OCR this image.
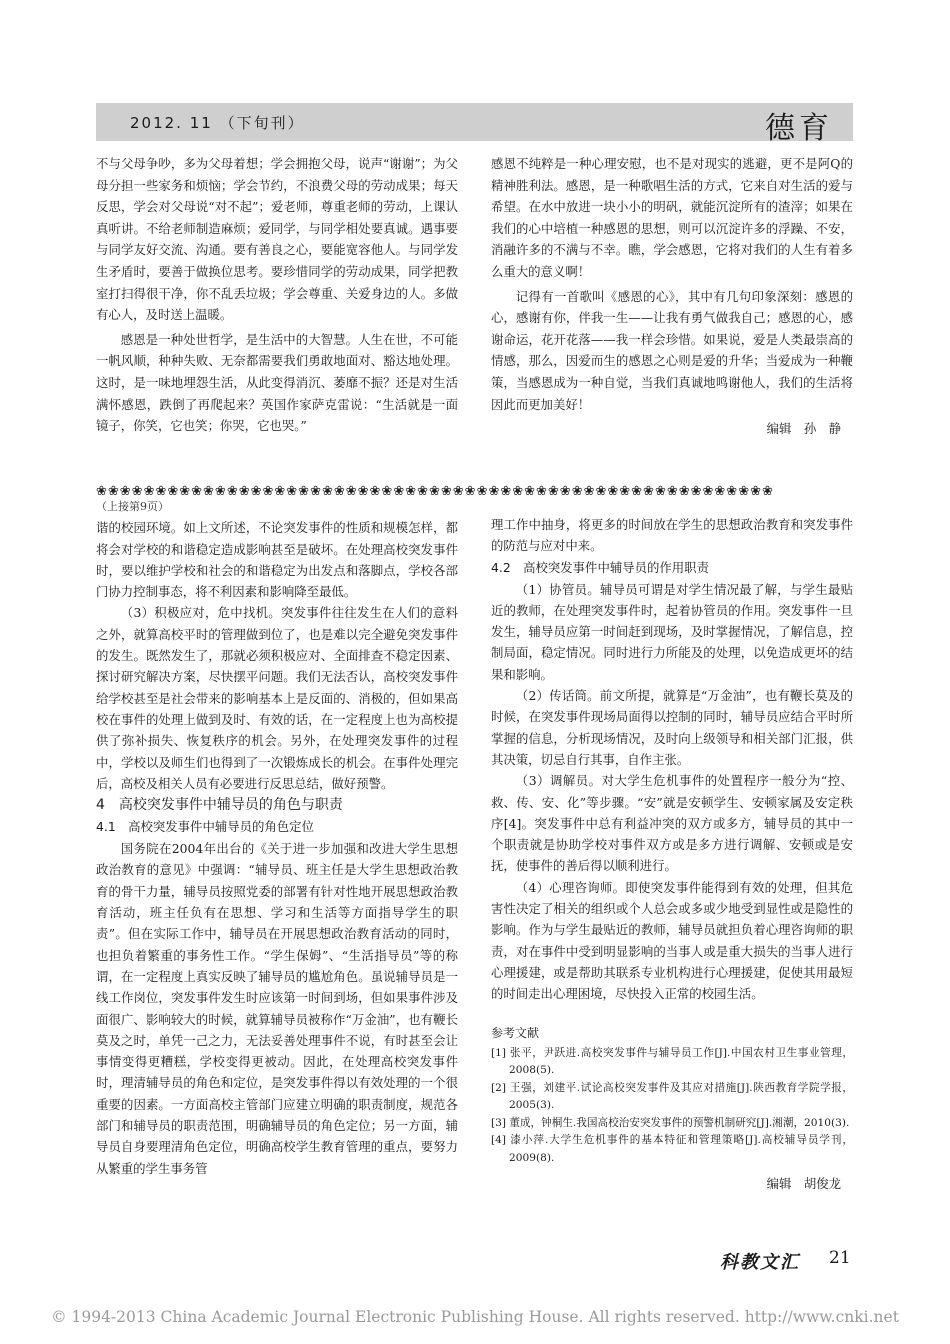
2012. 11 （下旬刊）	德育

不与父母争吵，多为父母着想；学会拥抱父母，说声“谢谢”；为父母分担一些家务和烦恼；学会节约，不浪费父母的劳动成果；每天反思，学会对父母说“对不起”；爱老师，尊重老师的劳动，上课认真听讲。不给老师制造麻烦；爱同学，与同学相处要真诚。遇事要与同学友好交流、沟通。要有善良之心，要能宽容他人。与同学发生矛盾时，要善于做换位思考。要珍惜同学的劳动成果，同学把教室打扫得很干净，你不乱丢垃圾；学会尊重、关爱身边的人。多做有心人，及时送上温暖。

感恩是一种处世哲学，是生活中的大智慧。人生在世，不可能一帆风顺，种种失败、无奈都需要我们勇敢地面对、豁达地处理。这时，是一味地埋怨生活，从此变得消沉、萎靡不振？还是对生活满怀感恩，跌倒了再爬起来？英国作家萨克雷说：“生活就是一面镜子，你笑，它也笑；你哭，它也哭。”

感恩不纯粹是一种心理安慰，也不是对现实的逃避，更不是阿Q的精神胜利法。感恩，是一种歌唱生活的方式，它来自对生活的爱与希望。在水中放进一块小小的明矾，就能沉淀所有的渣滓；如果在我们的心中培植一种感恩的思想，则可以沉淀许多的浮躁、不安，消融许多的不满与不幸。瞧，学会感恩，它将对我们的人生有着多么重大的意义啊！

记得有一首歌叫《感恩的心》，其中有几句印象深刻：感恩的心，感谢有你，伴我一生——让我有勇气做我自己；感恩的心，感谢命运，花开花落——我一样会珍惜。如果说，爱是人类最崇高的情感，那么，因爱而生的感恩之心则是爱的升华；当爱成为一种鞭策，当感恩成为一种自觉，当我们真诚地鸣谢他人，我们的生活将因此而更加美好！

编辑　孙　静

❀❀❀❀❀❀❀❀❀❀❀❀❀❀❀❀❀❀❀❀❀❀❀❀❀❀❀❀❀❀❀❀❀❀❀❀❀❀❀❀❀❀❀❀❀❀❀❀❀❀❀❀❀❀❀❀❀

（上接第9页）

谐的校园环境。如上文所述，不论突发事件的性质和规模怎样，都将会对学校的和谐稳定造成影响甚至是破坏。在处理高校突发事件时，要以维护学校和社会的和谐稳定为出发点和落脚点，学校各部门协力控制事态，将不利因素和影响降至最低。

（3）积极应对，危中找机。突发事件往往发生在人们的意料之外，就算高校平时的管理做到位了，也是难以完全避免突发事件的发生。既然发生了，那就必须积极应对、全面排查不稳定因素、探讨研究解决方案，尽快摆平问题。我们无法否认，高校突发事件给学校甚至是社会带来的影响基本上是反面的、消极的，但如果高校在事件的处理上做到及时、有效的话，在一定程度上也为高校提供了弥补损失、恢复秩序的机会。另外，在处理突发事件的过程中，学校以及师生们也得到了一次锻炼成长的机会。在事件处理完后，高校及相关人员有必要进行反思总结，做好预警。

4　高校突发事件中辅导员的角色与职责

4.1　高校突发事件中辅导员的角色定位

国务院在2004年出台的《关于进一步加强和改进大学生思想政治教育的意见》中强调：“辅导员、班主任是大学生思想政治教育的骨干力量，辅导员按照党委的部署有针对性地开展思想政治教育活动，班主任负有在思想、学习和生活等方面指导学生的职责”。但在实际工作中，辅导员在开展思想政治教育活动的同时，也担负着繁重的事务性工作。“学生保姆”、“生活指导员”等的称谓，在一定程度上真实反映了辅导员的尴尬角色。虽说辅导员是一线工作岗位，突发事件发生时应该第一时间到场，但如果事件涉及面很广、影响较大的时候，就算辅导员被称作“万金油”，也有鞭长莫及之时，单凭一己之力，无法妥善处理事件不说，有时甚至会让事情变得更糟糕，学校变得更被动。因此，在处理高校突发事件时，理清辅导员的角色和定位，是突发事件得以有效处理的一个很重要的因素。一方面高校主管部门应建立明确的职责制度，规范各部门和辅导员的职责范围，明确辅导员的角色定位；另一方面，辅导员自身要理清角色定位，明确高校学生教育管理的重点，要努力从繁重的学生事务管

理工作中抽身，将更多的时间放在学生的思想政治教育和突发事件的防范与应对中来。

4.2　高校突发事件中辅导员的作用职责

（1）协管员。辅导员可谓是对学生情况最了解，与学生最贴近的教师，在处理突发事件时，起着协管员的作用。突发事件一旦发生，辅导员应第一时间赶到现场，及时掌握情况，了解信息，控制局面，稳定情况。同时进行力所能及的处理，以免造成更坏的结果和影响。

（2）传话筒。前文所提，就算是“万金油”，也有鞭长莫及的时候，在突发事件现场局面得以控制的同时，辅导员应结合平时所掌握的信息，分析现场情况，及时向上级领导和相关部门汇报，供其决策，切忌自行其事，自作主张。

（3）调解员。对大学生危机事件的处置程序一般分为“控、救、传、安、化”等步骤。“安”就是安顿学生、安顿家属及安定秩序[4]。突发事件中总有利益冲突的双方或多方，辅导员的其中一个职责就是协助学校对事件双方或是多方进行调解、安顿或是安抚，使事件的善后得以顺利进行。

（4）心理咨询师。即使突发事件能得到有效的处理，但其危害性决定了相关的组织或个人总会或多或少地受到显性或是隐性的影响。作为与学生最贴近的教师，辅导员就担负着心理咨询师的职责，对在事件中受到明显影响的当事人或是重大损失的当事人进行心理援建，或是帮助其联系专业机构进行心理援建，促使其用最短的时间走出心理困境，尽快投入正常的校园生活。

参考文献

[1] 张平，尹跃进.高校突发事件与辅导员工作[J].中国农村卫生事业管理，2008(5).

[2] 王强，刘建平.试论高校突发事件及其应对措施[J].陕西教育学院学报，2005(3).

[3] 董成，钟桐生.我国高校治安突发事件的预警机制研究[J].湘潮，2010(3).

[4] 漆小萍.大学生危机事件的基本特征和管理策略[J].高校辅导员学刊，2009(8).

编辑　胡俊龙

科教文汇 21
© 1994-2013 China Academic Journal Electronic Publishing House. All rights reserved. http://www.cnki.net
